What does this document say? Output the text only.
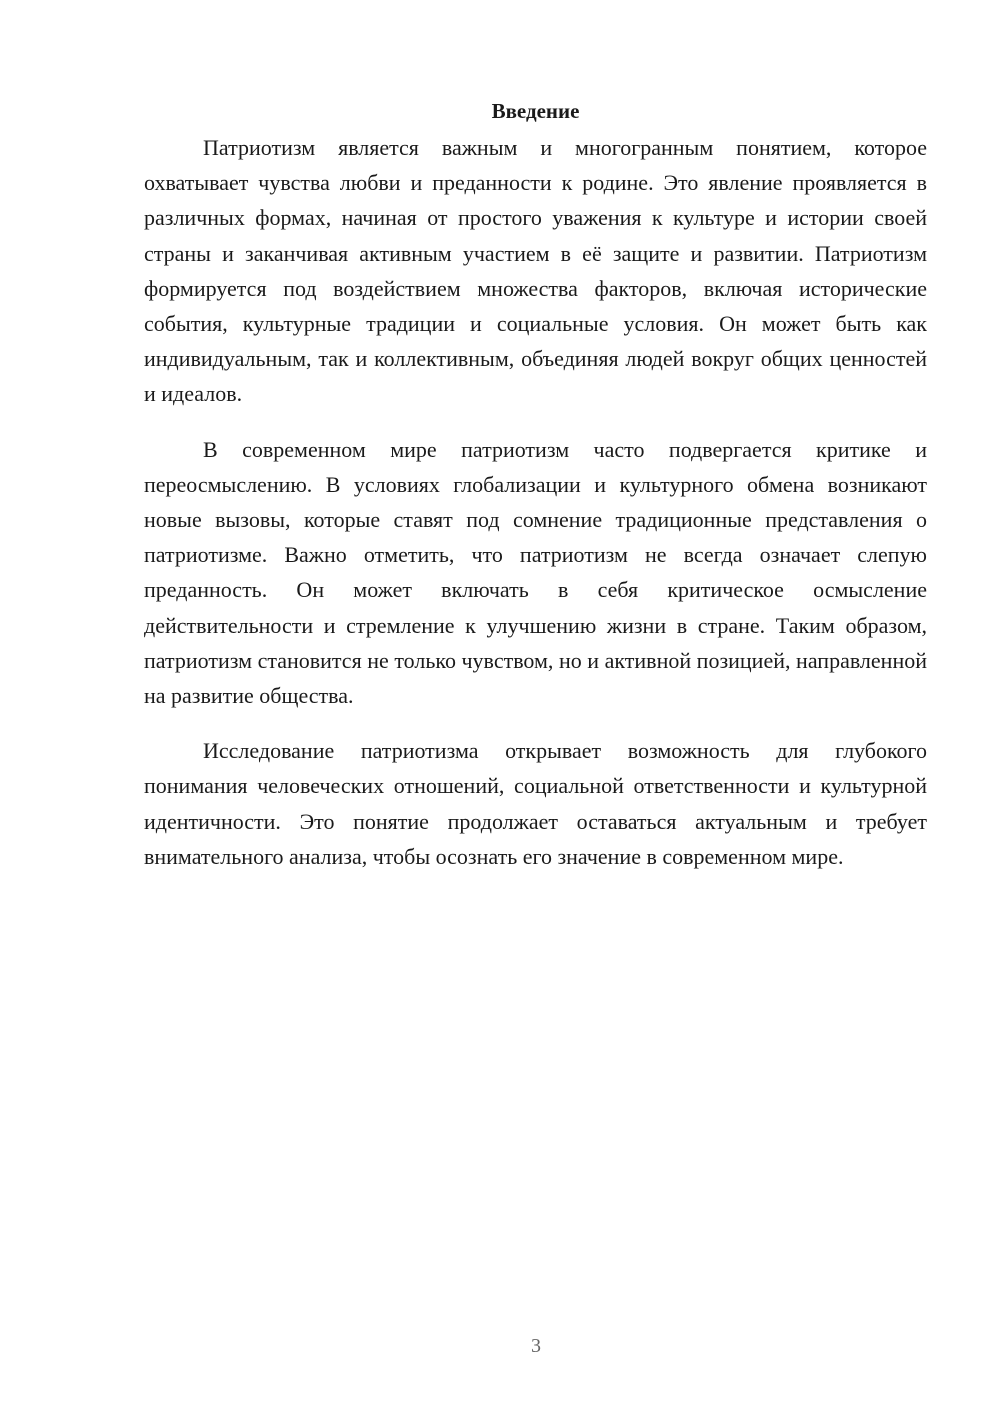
Введение

Патриотизм является важным и многогранным понятием, которое охватывает чувства любви и преданности к родине. Это явление проявляется в различных формах, начиная от простого уважения к культуре и истории своей страны и заканчивая активным участием в её защите и развитии. Патриотизм формируется под воздействием множества факторов, включая исторические события, культурные традиции и социальные условия. Он может быть как индивидуальным, так и коллективным, объединяя людей вокруг общих ценностей и идеалов.

В современном мире патриотизм часто подвергается критике и переосмыслению. В условиях глобализации и культурного обмена возникают новые вызовы, которые ставят под сомнение традиционные представления о патриотизме. Важно отметить, что патриотизм не всегда означает слепую преданность. Он может включать в себя критическое осмысление действительности и стремление к улучшению жизни в стране. Таким образом, патриотизм становится не только чувством, но и активной позицией, направленной на развитие общества.

Исследование патриотизма открывает возможность для глубокого понимания человеческих отношений, социальной ответственности и культурной идентичности. Это понятие продолжает оставаться актуальным и требует внимательного анализа, чтобы осознать его значение в современном мире.

3
